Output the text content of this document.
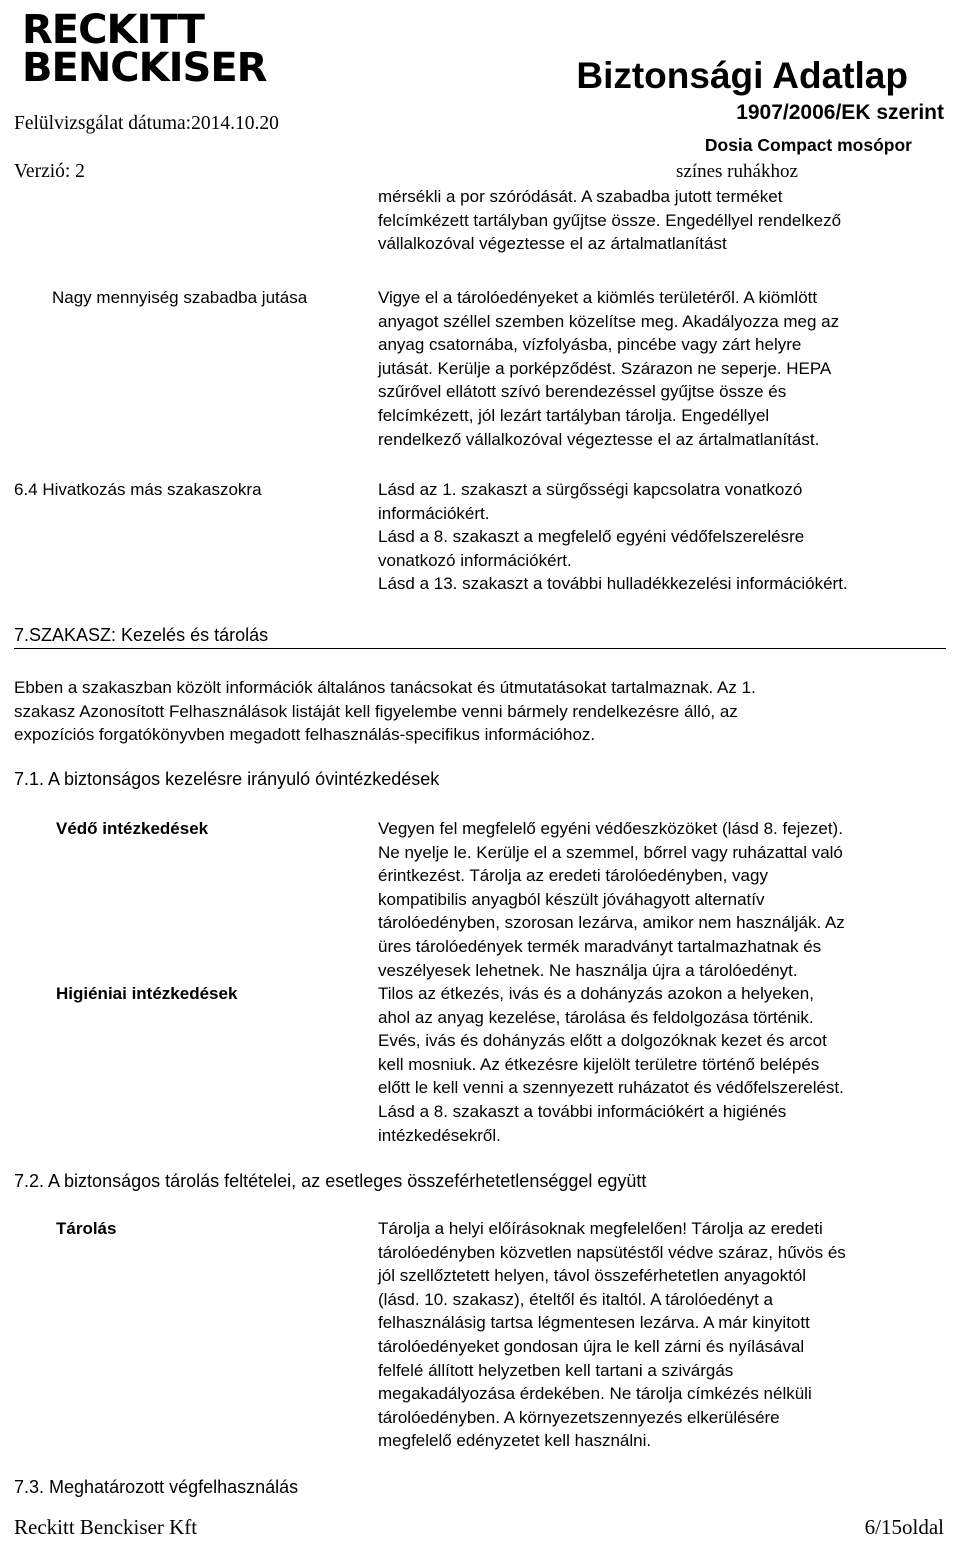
RECKITT
BENCKISER
Felülvizsgálat dátuma:2014.10.20
Verzió: 2
Biztonsági Adatlap
1907/2006/EK szerint
Dosia Compact mosópor
színes ruhákhoz
mérsékli a por szóródását. A szabadba jutott terméket
felcímkézett tartályban gyűjtse össze. Engedéllyel rendelkező
vállalkozóval végeztesse el az ártalmatlanítást
Nagy mennyiség szabadba jutása	Vigye el a tárolóedényeket a kiömlés területéről. A kiömlött
anyagot széllel szemben közelítse meg. Akadályozza meg az
anyag csatornába, vízfolyásba, pincébe vagy zárt helyre
jutását. Kerülje a porképződést. Szárazon ne seperje. HEPA
szűrővel ellátott szívó berendezéssel gyűjtse össze és
felcímkézett, jól lezárt tartályban tárolja. Engedéllyel
rendelkező vállalkozóval végeztesse el az ártalmatlanítást.
6.4 Hivatkozás más szakaszokra	Lásd az 1. szakaszt a sürgősségi kapcsolatra vonatkozó
információkért.
Lásd a 8. szakaszt a megfelelő egyéni védőfelszerelésre
vonatkozó információkért.
Lásd a 13. szakaszt a további hulladékkezelési információkért.
7.SZAKASZ: Kezelés és tárolás
Ebben a szakaszban közölt információk általános tanácsokat és útmutatásokat tartalmaznak. Az 1.
szakasz Azonosított Felhasználások listáját kell figyelembe venni bármely rendelkezésre álló, az
expozíciós forgatókönyvben megadott felhasználás-specifikus információhoz.
7.1. A biztonságos kezelésre irányuló óvintézkedések
Védő intézkedések	Vegyen fel megfelelő egyéni védőeszközöket (lásd 8. fejezet).
Ne nyelje le. Kerülje el a szemmel, bőrrel vagy ruházattal való
érintkezést. Tárolja az eredeti tárolóedényben, vagy
kompatibilis anyagból készült jóváhagyott alternatív
tárolóedényben, szorosan lezárva, amikor nem használják. Az
üres tárolóedények termék maradványt tartalmazhatnak és
veszélyesek lehetnek. Ne használja újra a tárolóedényt.
Higiéniai intézkedések	Tilos az étkezés, ivás és a dohányzás azokon a helyeken,
ahol az anyag kezelése, tárolása és feldolgozása történik.
Evés, ivás és dohányzás előtt a dolgozóknak kezet és arcot
kell mosniuk. Az étkezésre kijelölt területre történő belépés
előtt le kell venni a szennyezett ruházatot és védőfelszerelést.
Lásd a 8. szakaszt a további információkért a higiénés
intézkedésekről.
7.2. A biztonságos tárolás feltételei, az esetleges összeférhetetlenséggel együtt
Tárolás	Tárolja a helyi előírásoknak megfelelően! Tárolja az eredeti
tárolóedényben közvetlen napsütéstől védve száraz, hűvös és
jól szellőztetett helyen, távol összeférhetetlen anyagoktól
(lásd. 10. szakasz), ételtől és italtól. A tárolóedényt a
felhasználásig tartsa légmentesen lezárva. A már kinyitott
tárolóedényeket gondosan újra le kell zárni és nyílásával
felfelé állított helyzetben kell tartani a szivárgás
megakadályozása érdekében. Ne tárolja címkézés nélküli
tárolóedényben. A környezetszennyezés elkerülésére
megfelelő edényzetet kell használni.
7.3. Meghatározott végfelhasználás
Reckitt Benckiser Kft	6/15oldal
